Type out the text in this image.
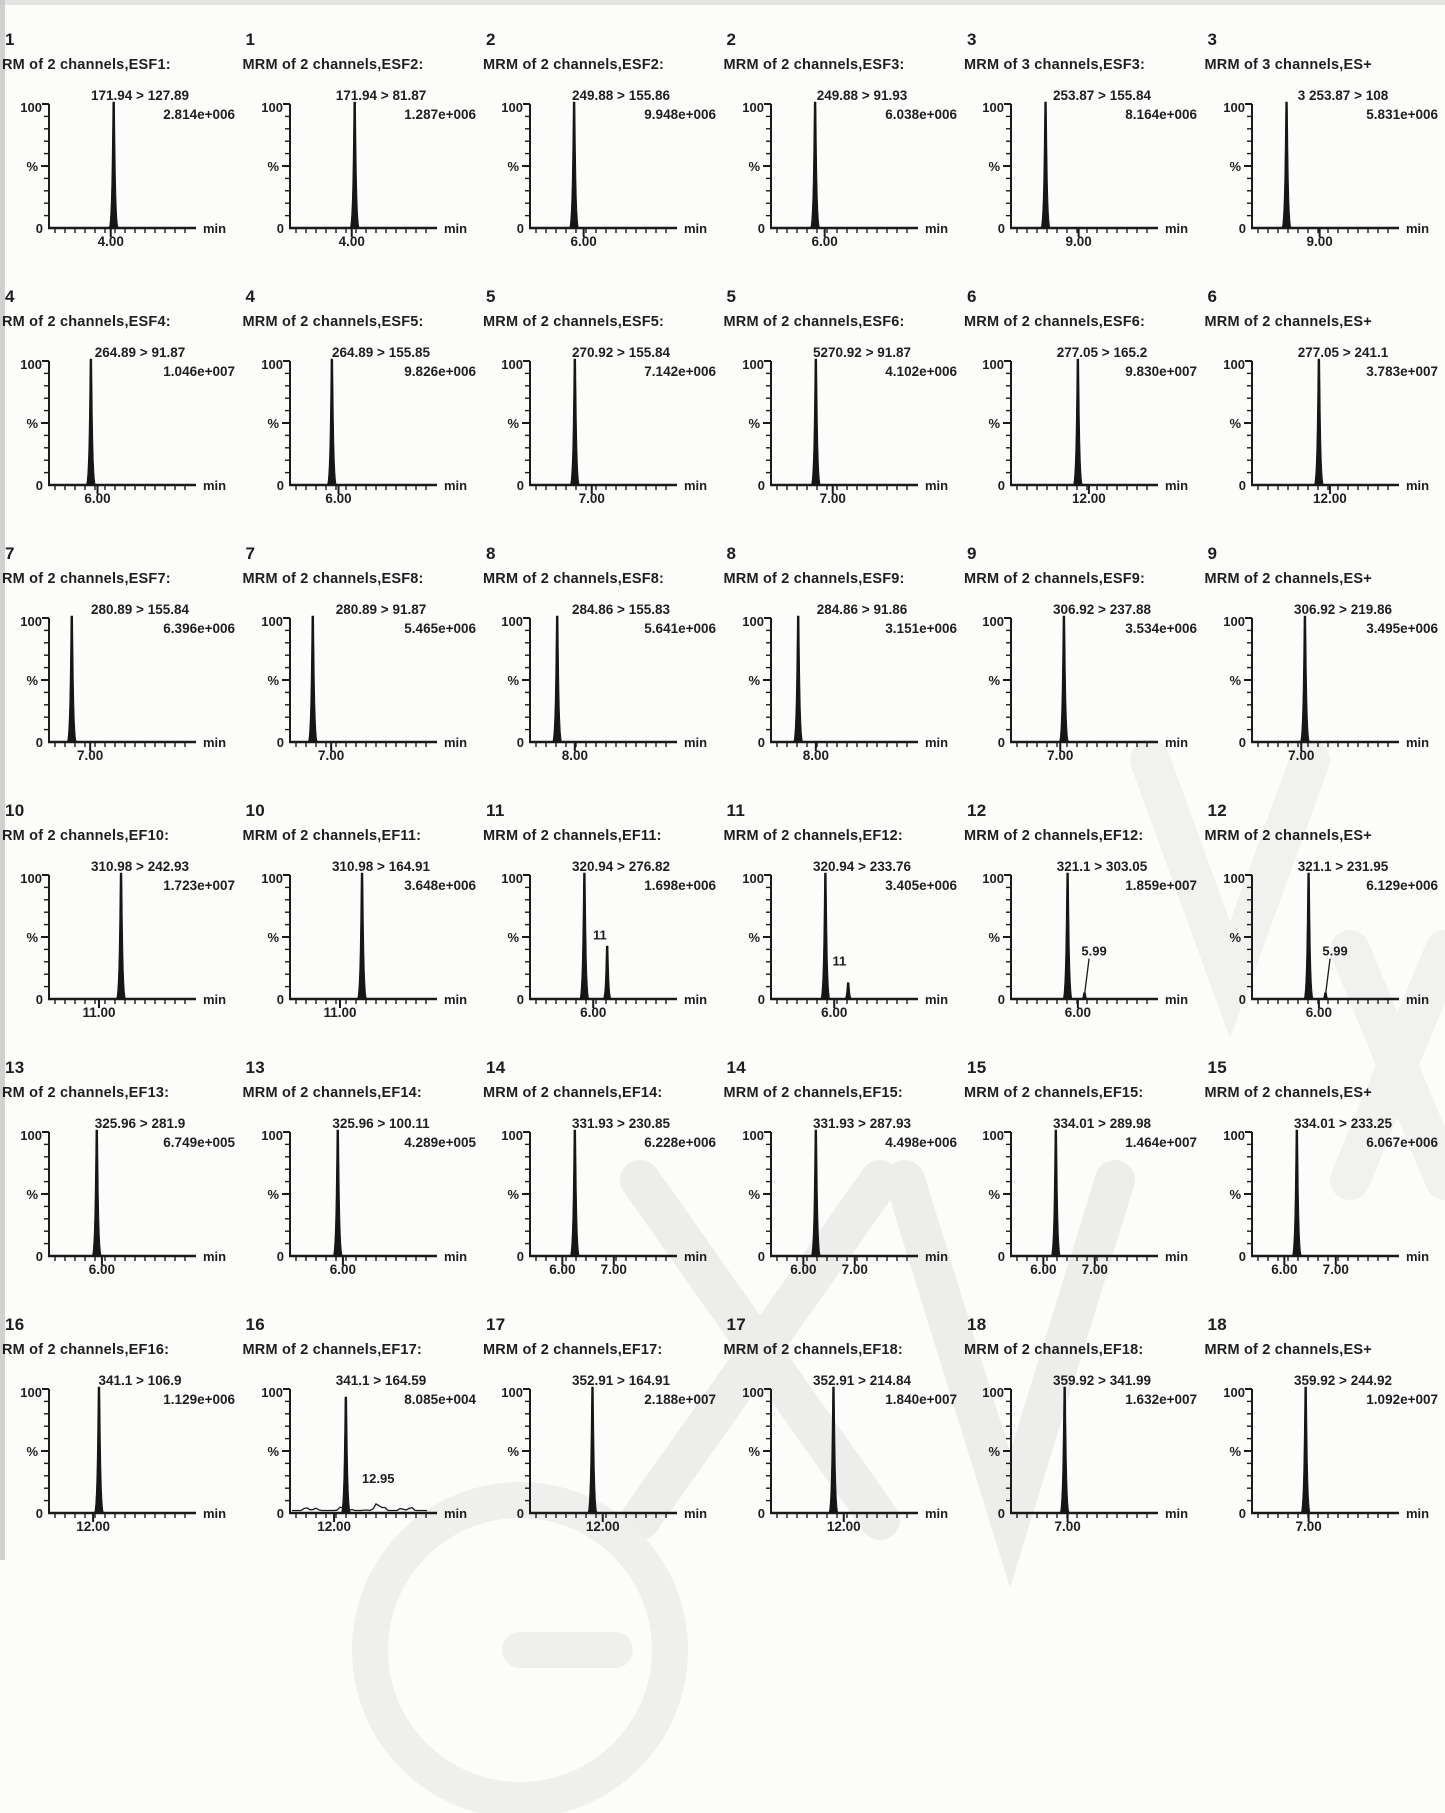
1
RM of 2 channels,ESF1:
171.94 > 127.89
2.814e+006
100
%
0	min
4.00
1
MRM of 2 channels,ESF2:
171.94 > 81.87
1.287e+006
100
%
0	min
4.00
2
MRM of 2 channels,ESF2:
249.88 > 155.86
9.948e+006
100
%
0	min
6.00
2
MRM of 2 channels,ESF3:
249.88 > 91.93
6.038e+006
100
%
0	min
6.00
3
MRM of 3 channels,ESF3:
253.87 > 155.84
8.164e+006
100
%
0	min
9.00
3
MRM of 3 channels,ES+
3 253.87 > 108
5.831e+006
100
%
0	min
9.00
4
RM of 2 channels,ESF4:
264.89 > 91.87
1.046e+007
100
%
0	min
6.00
4
MRM of 2 channels,ESF5:
264.89 > 155.85
9.826e+006
100
%
0	min
6.00
5
MRM of 2 channels,ESF5:
270.92 > 155.84
7.142e+006
100
%
0	min
7.00
5
MRM of 2 channels,ESF6:
5270.92 > 91.87
4.102e+006
100
%
0	min
7.00
6
MRM of 2 channels,ESF6:
277.05 > 165.2
9.830e+007
100
%
0	min
12.00
6
MRM of 2 channels,ES+
277.05 > 241.1
3.783e+007
100
%
0	min
12.00
7
RM of 2 channels,ESF7:
280.89 > 155.84
6.396e+006
100
%
0	min
7.00
7
MRM of 2 channels,ESF8:
280.89 > 91.87
5.465e+006
100
%
0	min
7.00
8
MRM of 2 channels,ESF8:
284.86 > 155.83
5.641e+006
100
%
0	min
8.00
8
MRM of 2 channels,ESF9:
284.86 > 91.86
3.151e+006
100
%
0	min
8.00
9
MRM of 2 channels,ESF9:
306.92 > 237.88
3.534e+006
100
%
0	min
7.00
9
MRM of 2 channels,ES+
306.92 > 219.86
3.495e+006
100
%
0	min
7.00
10
RM of 2 channels,EF10:
310.98 > 242.93
1.723e+007
100
%
0	min
11.00
10
MRM of 2 channels,EF11:
310.98 > 164.91
3.648e+006
100
%
0	min
11.00
11
MRM of 2 channels,EF11:
11
320.94 > 276.82
1.698e+006
100
%
0	min
6.00
11
MRM of 2 channels,EF12:
11
320.94 > 233.76
3.405e+006
100
%
0	min
6.00
12
MRM of 2 channels,EF12:
5.99
321.1 > 303.05
1.859e+007
100
%
0	min
6.00
12
MRM of 2 channels,ES+
5.99
321.1 > 231.95
6.129e+006
100
%
0	min
6.00
13
RM of 2 channels,EF13:
325.96 > 281.9
6.749e+005
100
%
0	min
6.00
13
MRM of 2 channels,EF14:
325.96 > 100.11
4.289e+005
100
%
0	min
6.00
14
MRM of 2 channels,EF14:
331.93 > 230.85
6.228e+006
100
%
0	min
6.00 7.00
14
MRM of 2 channels,EF15:
331.93 > 287.93
4.498e+006
100
%
0	min
6.00 7.00
15
MRM of 2 channels,EF15:
334.01 > 289.98
1.464e+007
100
%
0	min
6.00 7.00
15
MRM of 2 channels,ES+
334.01 > 233.25
6.067e+006
100
%
0	min
6.00 7.00
16
RM of 2 channels,EF16:
341.1 > 106.9
1.129e+006
100
%
0	min
12.00
16
MRM of 2 channels,EF17:
12.95
341.1 > 164.59
8.085e+004
100
%
0	min
12.00
17
MRM of 2 channels,EF17:
352.91 > 164.91
2.188e+007
100
%
0	min
12.00
17
MRM of 2 channels,EF18:
352.91 > 214.84
1.840e+007
100
%
0	min
12.00
18
MRM of 2 channels,EF18:
359.92 > 341.99
1.632e+007
100
%
0	min
7.00
18
MRM of 2 channels,ES+
359.92 > 244.92
1.092e+007
100
%
0	min
7.00
